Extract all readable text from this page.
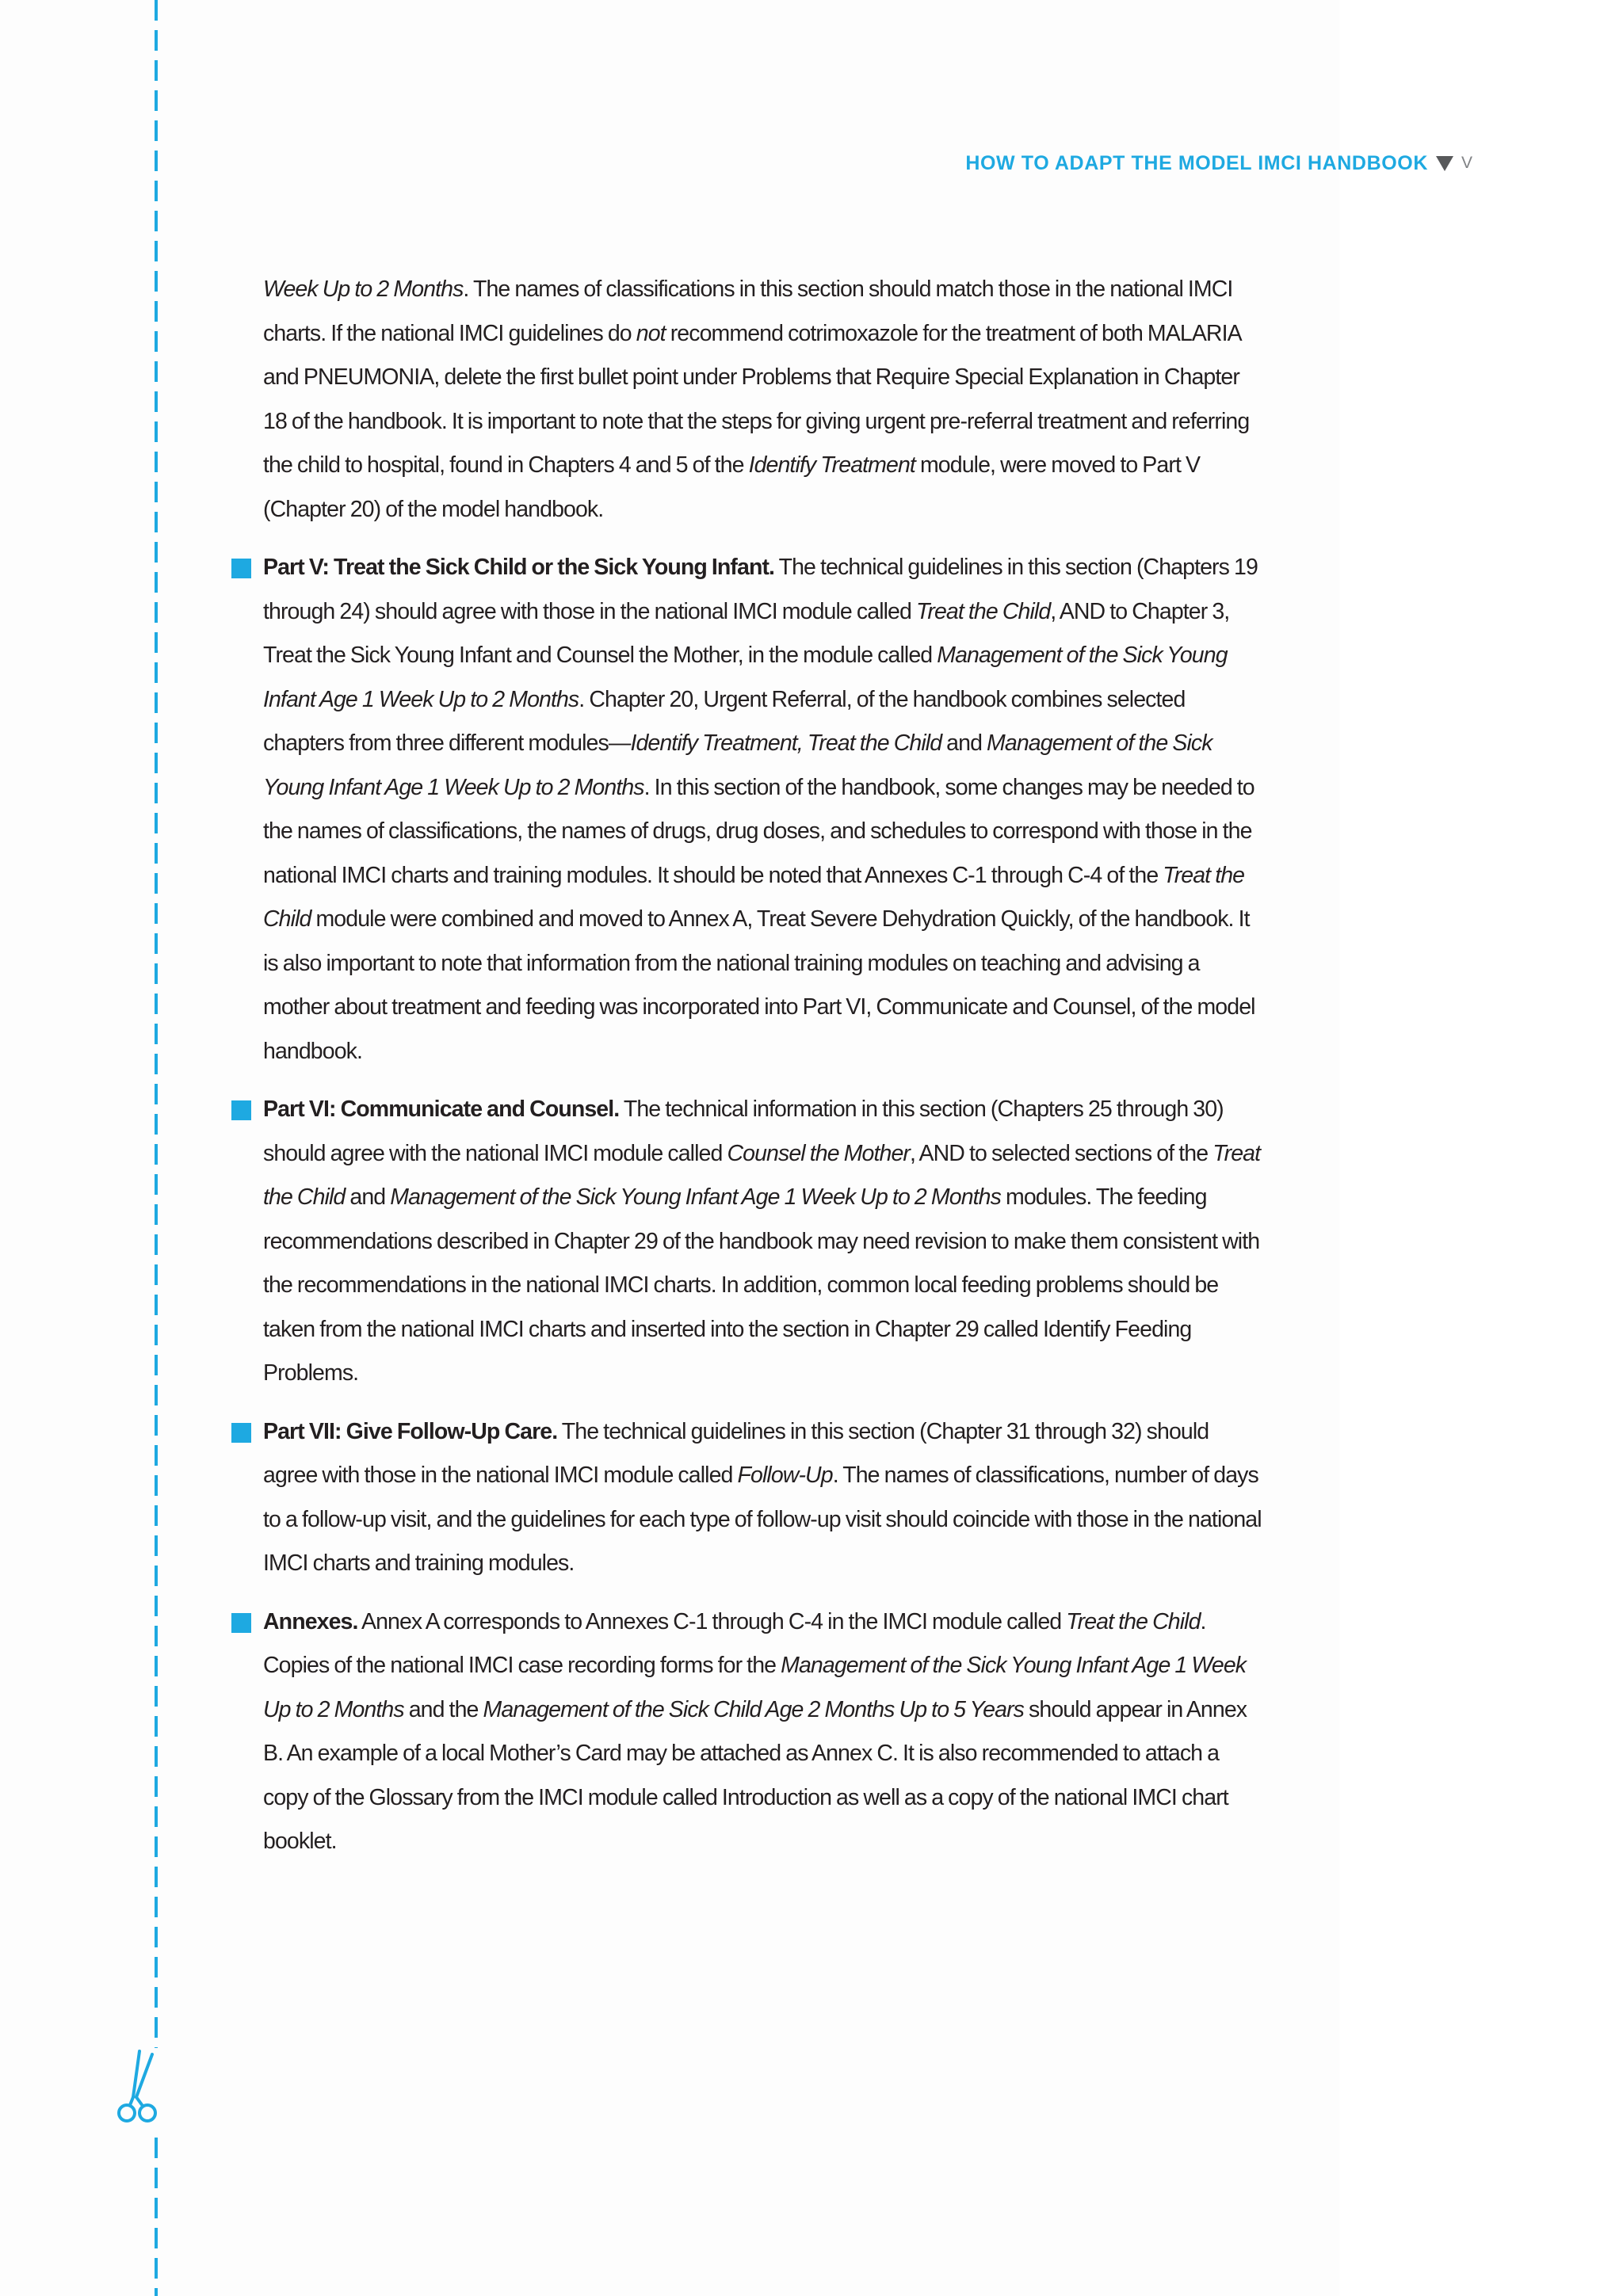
HOW TO ADAPT THE MODEL IMCI HANDBOOK V

Week Up to 2 Months. The names of classifications in this section should match those in the national IMCI charts. If the national IMCI guidelines do not recommend cotrimoxazole for the treatment of both MALARIA and PNEUMONIA, delete the first bullet point under Problems that Require Special Explanation in Chapter 18 of the handbook. It is important to note that the steps for giving urgent pre-referral treatment and referring the child to hospital, found in Chapters 4 and 5 of the Identify Treatment module, were moved to Part V (Chapter 20) of the model handbook.

Part V: Treat the Sick Child or the Sick Young Infant. The technical guidelines in this section (Chapters 19 through 24) should agree with those in the national IMCI module called Treat the Child, AND to Chapter 3, Treat the Sick Young Infant and Counsel the Mother, in the module called Management of the Sick Young Infant Age 1 Week Up to 2 Months. Chapter 20, Urgent Referral, of the handbook combines selected chapters from three different modules—Identify Treatment, Treat the Child and Management of the Sick Young Infant Age 1 Week Up to 2 Months. In this section of the handbook, some changes may be needed to the names of classifications, the names of drugs, drug doses, and schedules to correspond with those in the national IMCI charts and training modules. It should be noted that Annexes C-1 through C-4 of the Treat the Child module were combined and moved to Annex A, Treat Severe Dehydration Quickly, of the handbook. It is also important to note that information from the national training modules on teaching and advising a mother about treatment and feeding was incorporated into Part VI, Communicate and Counsel, of the model handbook.

Part VI: Communicate and Counsel. The technical information in this section (Chapters 25 through 30) should agree with the national IMCI module called Counsel the Mother, AND to selected sections of the Treat the Child and Management of the Sick Young Infant Age 1 Week Up to 2 Months modules. The feeding recommendations described in Chapter 29 of the handbook may need revision to make them consistent with the recommendations in the national IMCI charts. In addition, common local feeding problems should be taken from the national IMCI charts and inserted into the section in Chapter 29 called Identify Feeding Problems.

Part VII: Give Follow-Up Care. The technical guidelines in this section (Chapter 31 through 32) should agree with those in the national IMCI module called Follow-Up. The names of classifications, number of days to a follow-up visit, and the guidelines for each type of follow-up visit should coincide with those in the national IMCI charts and training modules.

Annexes. Annex A corresponds to Annexes C-1 through C-4 in the IMCI module called Treat the Child. Copies of the national IMCI case recording forms for the Management of the Sick Young Infant Age 1 Week Up to 2 Months and the Management of the Sick Child Age 2 Months Up to 5 Years should appear in Annex B. An example of a local Mother’s Card may be attached as Annex C. It is also recommended to attach a copy of the Glossary from the IMCI module called Introduction as well as a copy of the national IMCI chart booklet.
